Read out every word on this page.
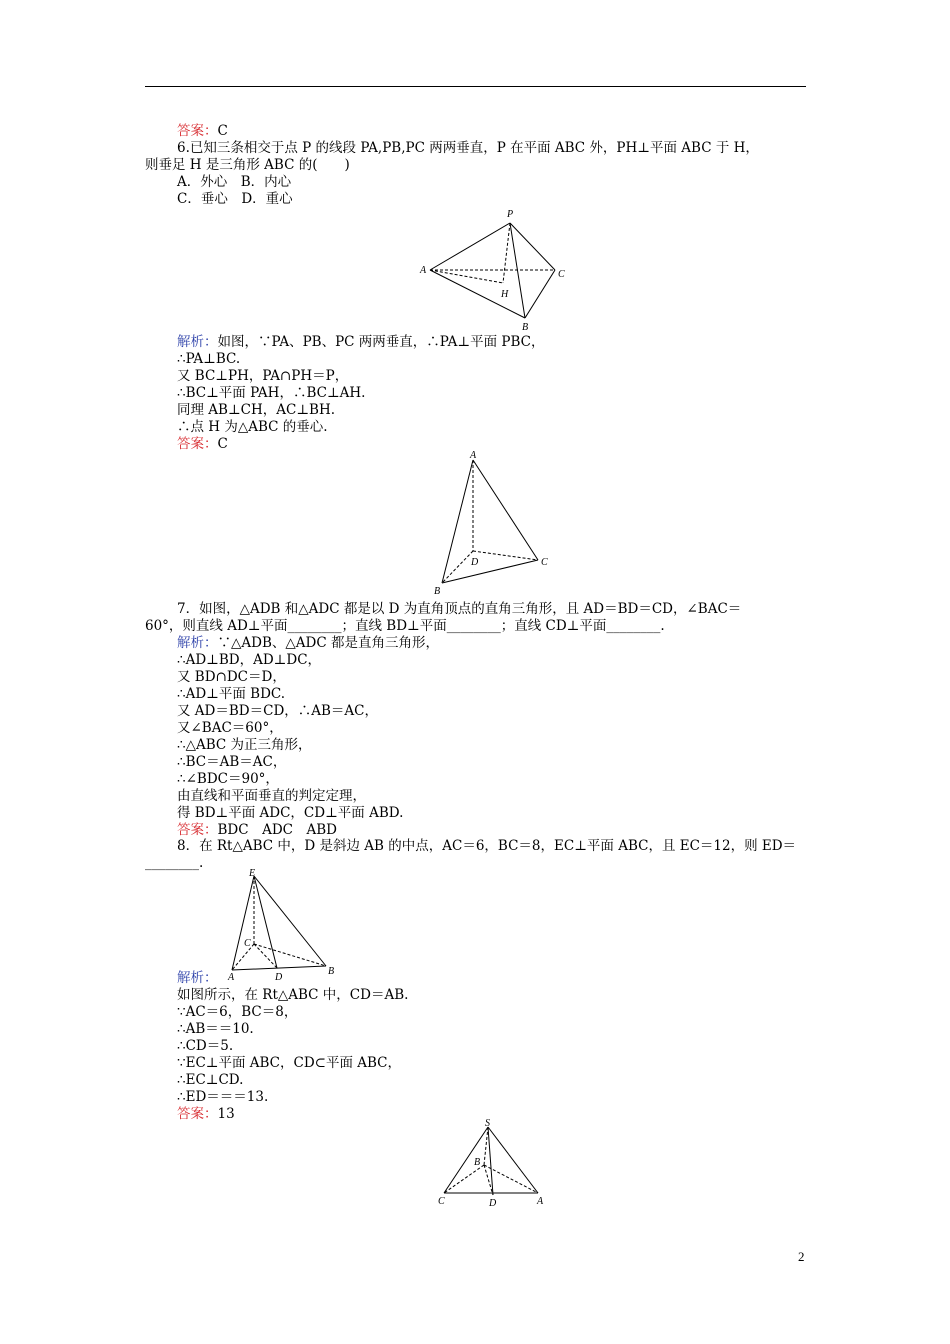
答案：C
6.已知三条相交于点 P 的线段 PA,PB,PC 两两垂直，P 在平面 ABC 外，PH⊥平面 ABC 于 H，
则垂足 H 是三角形 ABC 的(　　)
A．外心　B．内心
C．垂心　D．重心
P
A	C
H
B
解析：如图，∵PA、PB、PC 两两垂直，∴PA⊥平面 PBC，
∴PA⊥BC.
又 BC⊥PH，PA∩PH＝P，
∴BC⊥平面 PAH，∴BC⊥AH.
同理 AB⊥CH，AC⊥BH.
∴点 H 为△ABC 的垂心.
答案：C
A
D	C
B
7．如图，△ADB 和△ADC 都是以 D 为直角顶点的直角三角形，且 AD＝BD＝CD，∠BAC＝
60°，则直线 AD⊥平面________；直线 BD⊥平面________；直线 CD⊥平面________.
解析：∵△ADB、△ADC 都是直角三角形，
∴AD⊥BD，AD⊥DC，
又 BD∩DC＝D，
∴AD⊥平面 BDC.
又 AD＝BD＝CD，∴AB＝AC，
又∠BAC＝60°，
∴△ABC 为正三角形，
∴BC＝AB＝AC，
∴∠BDC＝90°，
由直线和平面垂直的判定定理，
得 BD⊥平面 ADC，CD⊥平面 ABD.
答案：BDC　ADC　ABD
8．在 Rt△ABC 中，D 是斜边 AB 的中点，AC＝6，BC＝8，EC⊥平面 ABC，且 EC＝12，则 ED＝
________.
E
C
A	D
B
解析：
如图所示，在 Rt△ABC 中，CD＝AB.
∵AC＝6，BC＝8，
∴AB＝＝10.
∴CD＝5.
∵EC⊥平面 ABC，CD⊂平面 ABC，
∴EC⊥CD.
∴ED＝＝＝13.
答案：13
S
B
C	D	A
2
